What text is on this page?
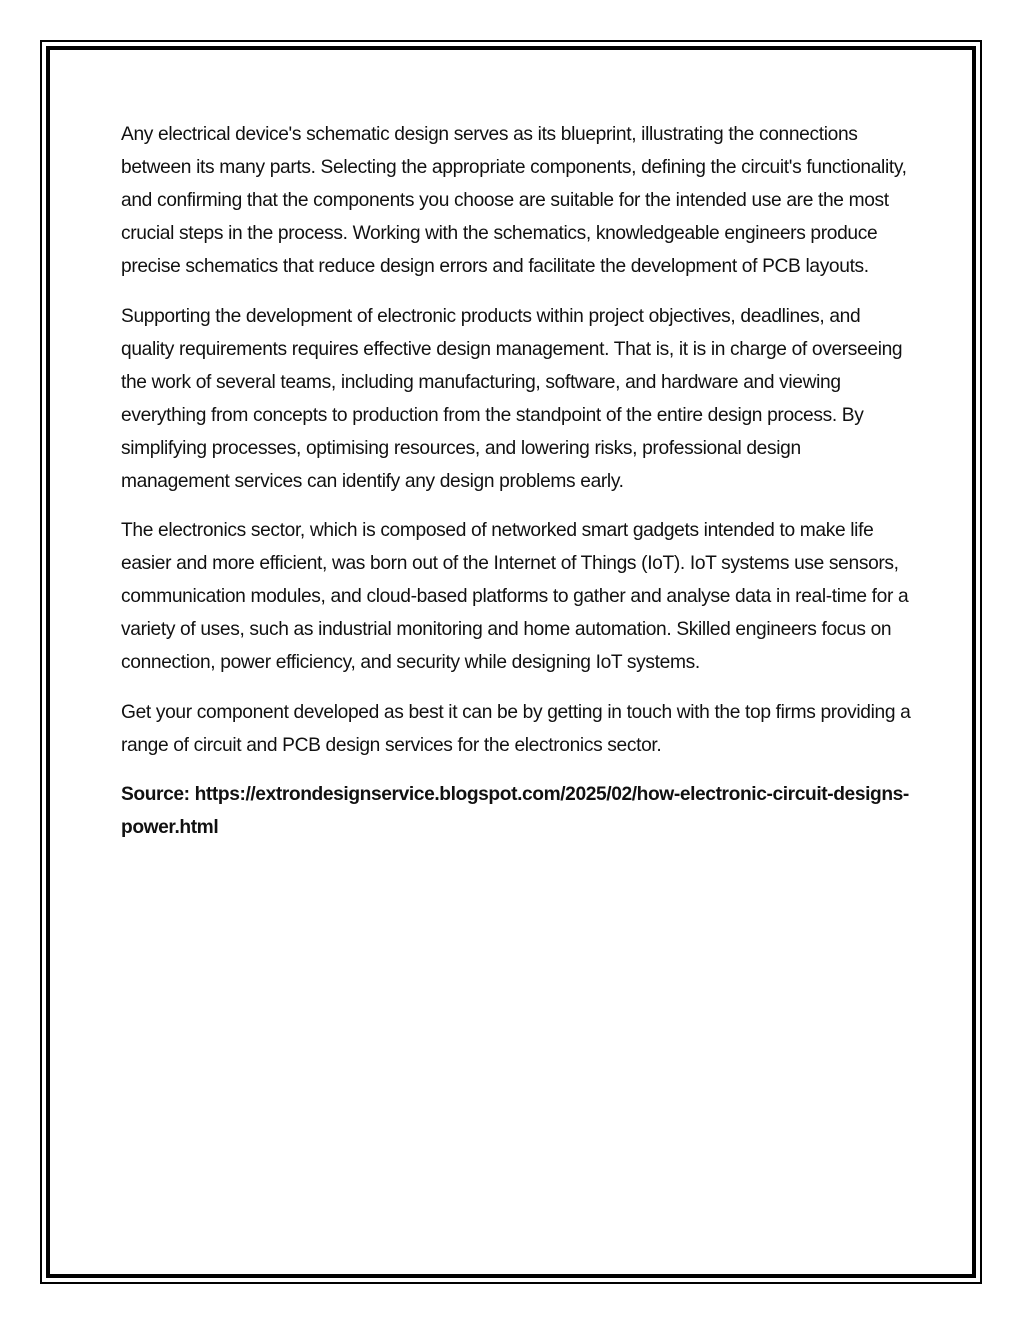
Any electrical device's schematic design serves as its blueprint, illustrating the connections between its many parts. Selecting the appropriate components, defining the circuit's functionality, and confirming that the components you choose are suitable for the intended use are the most crucial steps in the process. Working with the schematics, knowledgeable engineers produce precise schematics that reduce design errors and facilitate the development of PCB layouts.

Supporting the development of electronic products within project objectives, deadlines, and quality requirements requires effective design management. That is, it is in charge of overseeing the work of several teams, including manufacturing, software, and hardware and viewing everything from concepts to production from the standpoint of the entire design process. By simplifying processes, optimising resources, and lowering risks, professional design management services can identify any design problems early.

The electronics sector, which is composed of networked smart gadgets intended to make life easier and more efficient, was born out of the Internet of Things (IoT). IoT systems use sensors, communication modules, and cloud-based platforms to gather and analyse data in real-time for a variety of uses, such as industrial monitoring and home automation. Skilled engineers focus on connection, power efficiency, and security while designing IoT systems.

Get your component developed as best it can be by getting in touch with the top firms providing a range of circuit and PCB design services for the electronics sector.

Source: https://extrondesignservice.blogspot.com/2025/02/how-electronic-circuit-designs-power.html
